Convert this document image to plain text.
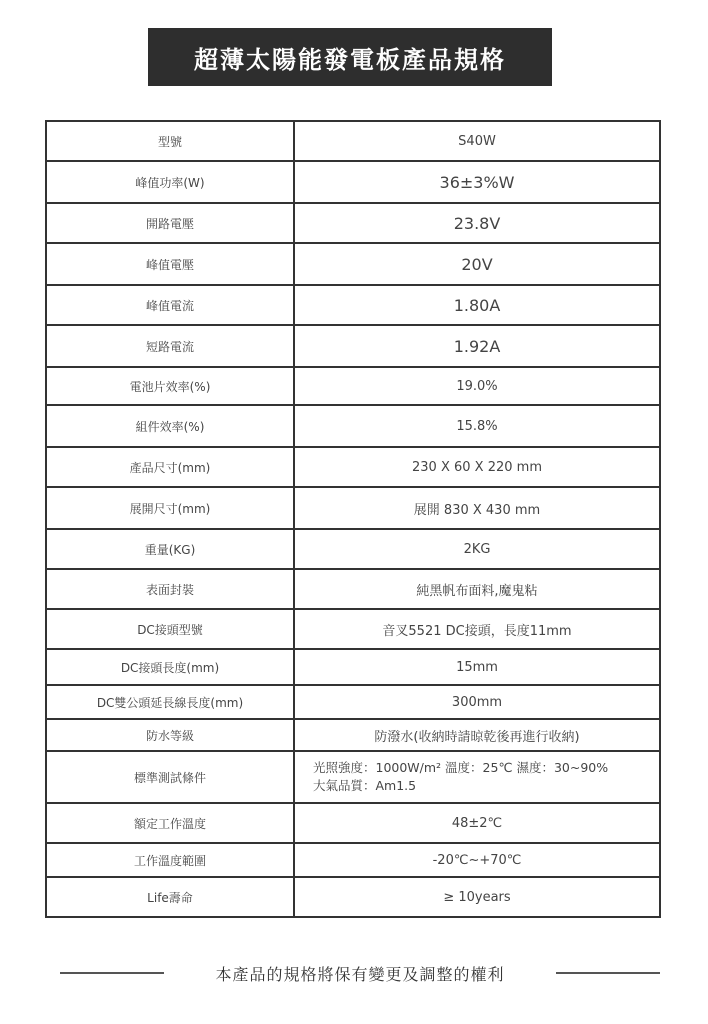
超薄太陽能發電板產品規格
型號	S40W
峰值功率(W)	36±3%W
開路電壓	23.8V
峰值電壓	20V
峰值電流	1.80A
短路電流	1.92A
電池片效率(%)	19.0%
組件效率(%)	15.8%
產品尺寸(mm)	230 X 60 X 220 mm
展開尺寸(mm)	展開 830 X 430 mm
重量(KG)	2KG
表面封裝	純黑帆布面料,魔鬼粘
DC接頭型號	音叉5521 DC接頭，長度11mm
DC接頭長度(mm)	15mm
DC雙公頭延長線長度(mm)	300mm
防水等級	防潑水(收納時請晾乾後再進行收納)
標準測試條件	光照強度：1000W/m² 溫度：25℃ 濕度：30~90%
大氣品質：Am1.5

額定工作溫度	48±2℃
工作溫度範圍	-20℃~+70℃
Life壽命	≥ 10years
本產品的規格將保有變更及調整的權利
